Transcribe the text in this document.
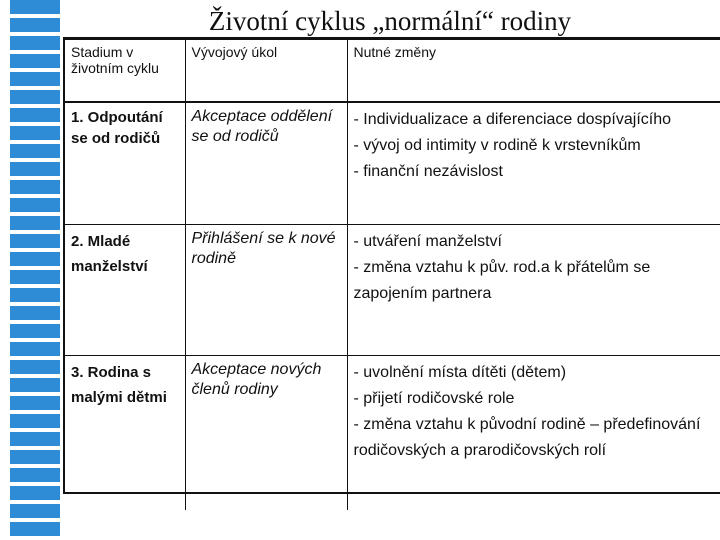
Životní cyklus „normální“ rodiny
Stadium v životním cyklu	Vývojový úkol	Nutné změny
1. Odpoutání se od rodičů	Akceptace oddělení se od rodičů	- Individualizace a diferenciace dospívajícího
- vývoj od intimity v rodině k vrstevníkům
- finanční nezávislost

2. Mladé manželství	Přihlášení se k nové rodině	- utváření manželství
- změna vztahu k pův. rod.a k přátelům se zapojením partnera

3. Rodina s malými dětmi	Akceptace nových členů rodiny	- uvolnění místa dítěti (dětem)
- přijetí rodičovské role
- změna vztahu k původní rodině – předefinování rodičovských a prarodičovských rolí
